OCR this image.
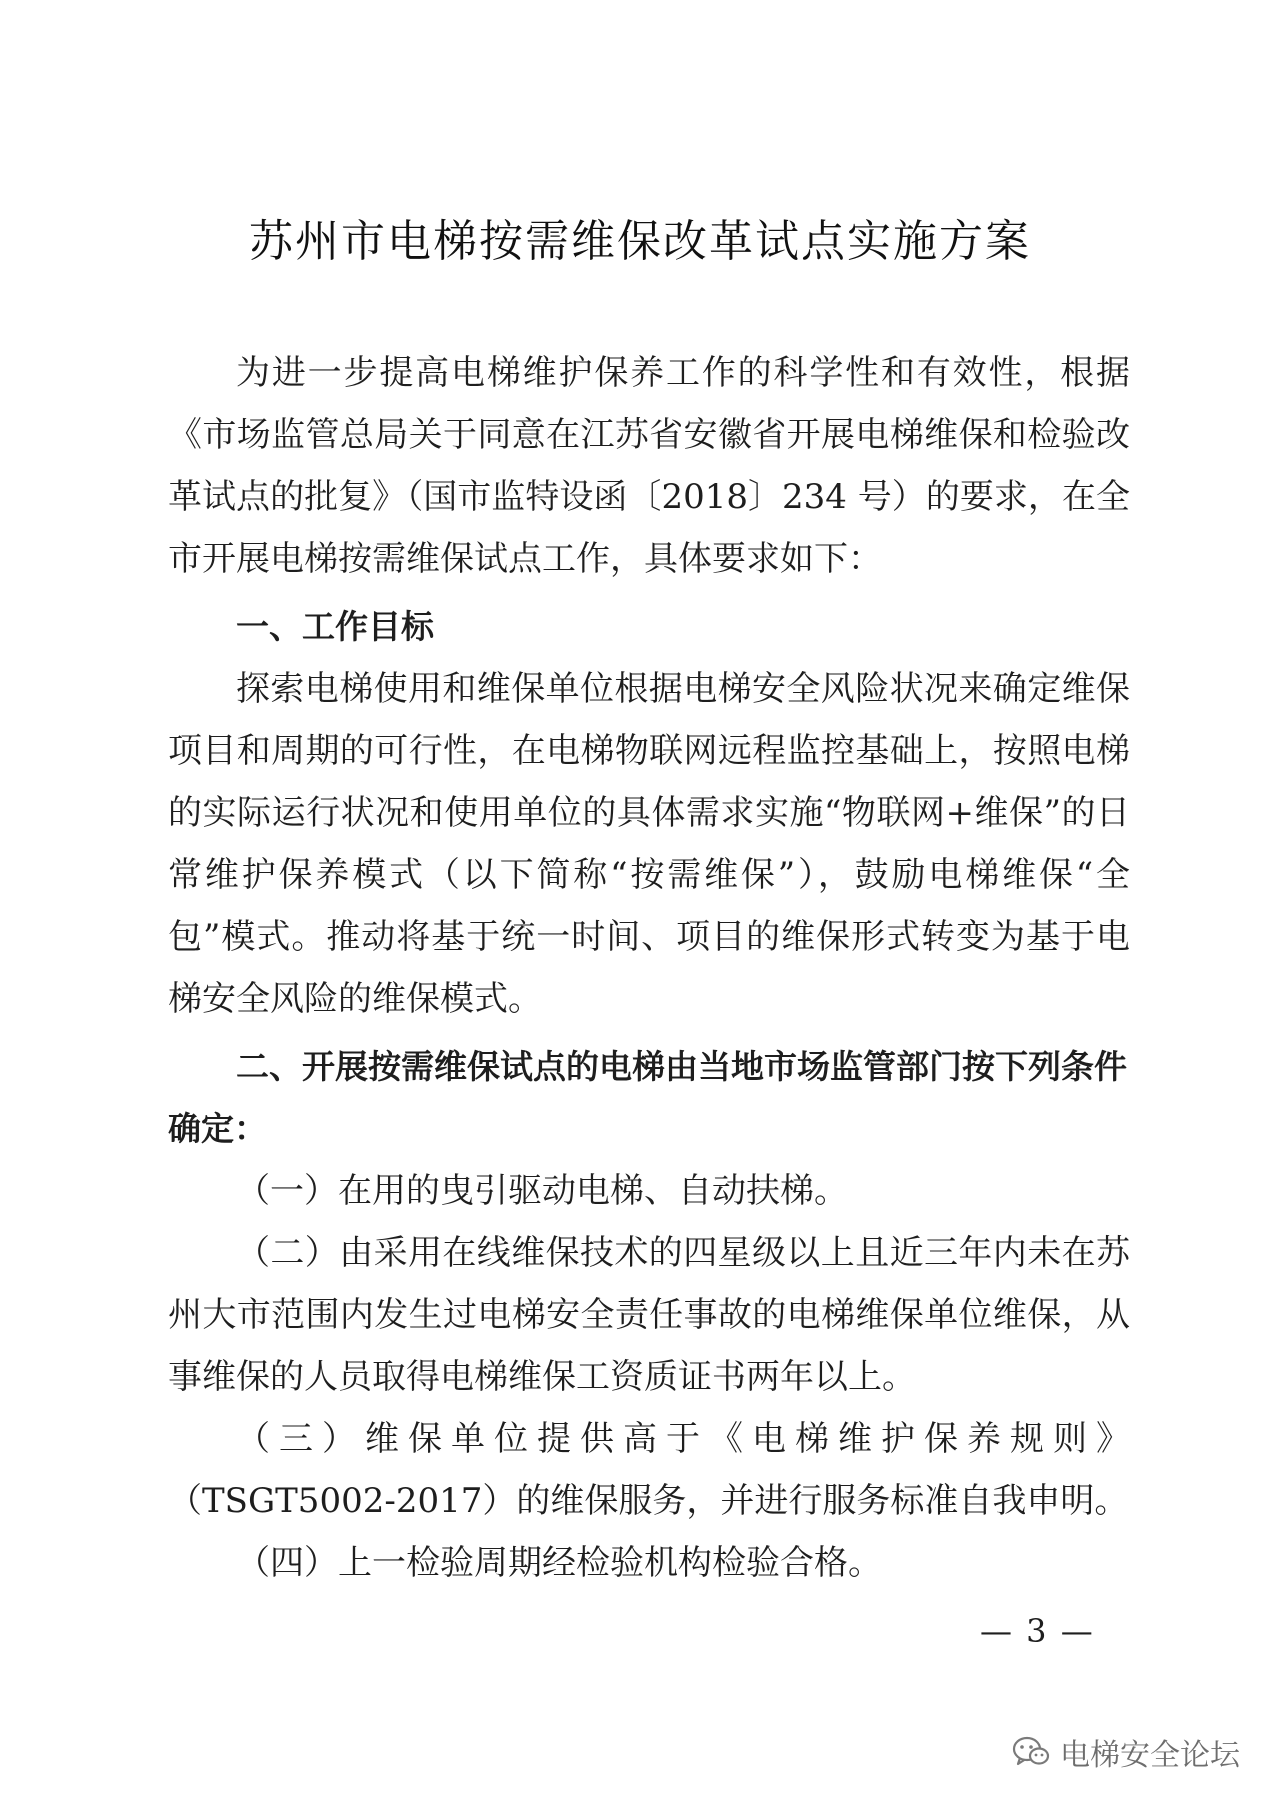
苏州市电梯按需维保改革试点实施方案

为进一步提高电梯维护保养工作的科学性和有效性，根据《市场监管总局关于同意在江苏省安徽省开展电梯维保和检验改革试点的批复》（国市监特设函〔2018〕234 号）的要求，在全市开展电梯按需维保试点工作，具体要求如下：

一、工作目标

探索电梯使用和维保单位根据电梯安全风险状况来确定维保项目和周期的可行性，在电梯物联网远程监控基础上，按照电梯的实际运行状况和使用单位的具体需求实施“物联网+维保”的日常维护保养模式（以下简称“按需维保”），鼓励电梯维保“全包”模式。推动将基于统一时间、项目的维保形式转变为基于电梯安全风险的维保模式。

二、开展按需维保试点的电梯由当地市场监管部门按下列条件确定：

（一）在用的曳引驱动电梯、自动扶梯。

（二）由采用在线维保技术的四星级以上且近三年内未在苏州大市范围内发生过电梯安全责任事故的电梯维保单位维保，从事维保的人员取得电梯维保工资质证书两年以上。

（三）维保单位提供高于《电梯维护保养规则》（TSGT5002-2017）的维保服务，并进行服务标准自我申明。

（四）上一检验周期经检验机构检验合格。

— 3 —
电梯安全论坛
